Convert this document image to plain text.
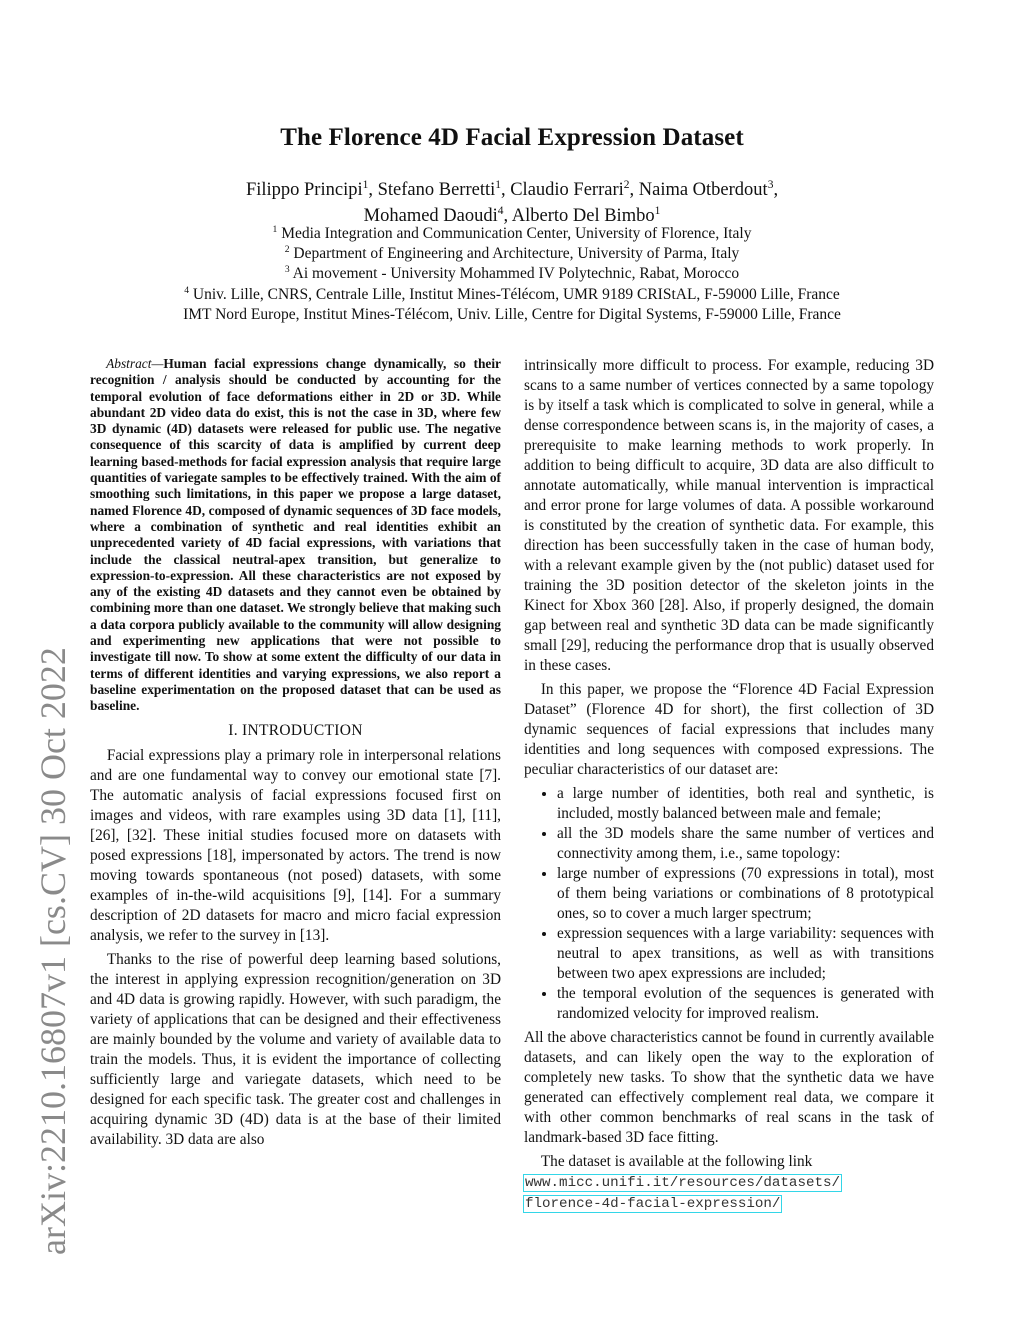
The Florence 4D Facial Expression Dataset
Filippo Principi$^1$, Stefano Berretti$^1$, Claudio Ferrari$^2$, Naima Otberdout$^3$,
Mohamed Daoudi$^4$, Alberto Del Bimbo$^1$
$^1$ Media Integration and Communication Center, University of Florence, Italy
$^2$ Department of Engineering and Architecture, University of Parma, Italy
$^3$ Ai movement - University Mohammed IV Polytechnic, Rabat, Morocco
$^4$ Univ. Lille, CNRS, Centrale Lille, Institut Mines-Télécom, UMR 9189 CRIStAL, F-59000 Lille, France
IMT Nord Europe, Institut Mines-Télécom, Univ. Lille, Centre for Digital Systems, F-59000 Lille, France
arXiv:2210.16807v1 [cs.CV] 30 Oct 2022

Abstract—Human facial expressions change dynamically, so their recognition / analysis should be conducted by accounting for the temporal evolution of face deformations either in 2D or 3D. While abundant 2D video data do exist, this is not the case in 3D, where few 3D dynamic (4D) datasets were released for public use. The negative consequence of this scarcity of data is amplified by current deep learning based-methods for facial expression analysis that require large quantities of variegate samples to be effectively trained. With the aim of smoothing such limitations, in this paper we propose a large dataset, named Florence 4D, composed of dynamic sequences of 3D face models, where a combination of synthetic and real identities exhibit an unprecedented variety of 4D facial expressions, with variations that include the classical neutral-apex transition, but generalize to expression-to-expression. All these characteristics are not exposed by any of the existing 4D datasets and they cannot even be obtained by combining more than one dataset. We strongly believe that making such a data corpora publicly available to the community will allow designing and experimenting new applications that were not possible to investigate till now. To show at some extent the difficulty of our data in terms of different identities and varying expressions, we also report a baseline experimentation on the proposed dataset that can be used as baseline.

I. INTRODUCTION

Facial expressions play a primary role in interpersonal relations and are one fundamental way to convey our emotional state [7]. The automatic analysis of facial expressions focused first on images and videos, with rare examples using 3D data [1], [11], [26], [32]. These initial studies focused more on datasets with posed expressions [18], impersonated by actors. The trend is now moving towards spontaneous (not posed) datasets, with some examples of in-the-wild acquisitions [9], [14]. For a summary description of 2D datasets for macro and micro facial expression analysis, we refer to the survey in [13].

Thanks to the rise of powerful deep learning based solutions, the interest in applying expression recognition/generation on 3D and 4D data is growing rapidly. However, with such paradigm, the variety of applications that can be designed and their effectiveness are mainly bounded by the volume and variety of available data to train the models. Thus, it is evident the importance of collecting sufficiently large and variegate datasets, which need to be designed for each specific task. The greater cost and challenges in acquiring dynamic 3D (4D) data is at the base of their limited availability. 3D data are also

intrinsically more difficult to process. For example, reducing 3D scans to a same number of vertices connected by a same topology is by itself a task which is complicated to solve in general, while a dense correspondence between scans is, in the majority of cases, a prerequisite to make learning methods to work properly. In addition to being difficult to acquire, 3D data are also difficult to annotate automatically, while manual intervention is impractical and error prone for large volumes of data. A possible workaround is constituted by the creation of synthetic data. For example, this direction has been successfully taken in the case of human body, with a relevant example given by the (not public) dataset used for training the 3D position detector of the skeleton joints in the Kinect for Xbox 360 [28]. Also, if properly designed, the domain gap between real and synthetic 3D data can be made significantly small [29], reducing the performance drop that is usually observed in these cases.

In this paper, we propose the “Florence 4D Facial Expression Dataset” (Florence 4D for short), the first collection of 3D dynamic sequences of facial expressions that includes many identities and long sequences with composed expressions. The peculiar characteristics of our dataset are:

• a large number of identities, both real and synthetic, is included, mostly balanced between male and female;
• all the 3D models share the same number of vertices and connectivity among them, i.e., same topology:
• large number of expressions (70 expressions in total), most of them being variations or combinations of 8 prototypical ones, so to cover a much larger spectrum;
• expression sequences with a large variability: sequences with neutral to apex transitions, as well as with transitions between two apex expressions are included;
• the temporal evolution of the sequences is generated with randomized velocity for improved realism.

All the above characteristics cannot be found in currently available datasets, and can likely open the way to the exploration of completely new tasks. To show that the synthetic data we have generated can effectively complement real data, we compare it with other common benchmarks of real scans in the task of landmark-based 3D face fitting.

The dataset is available at the following link
www.micc.unifi.it/resources/datasets/
florence-4d-facial-expression/
